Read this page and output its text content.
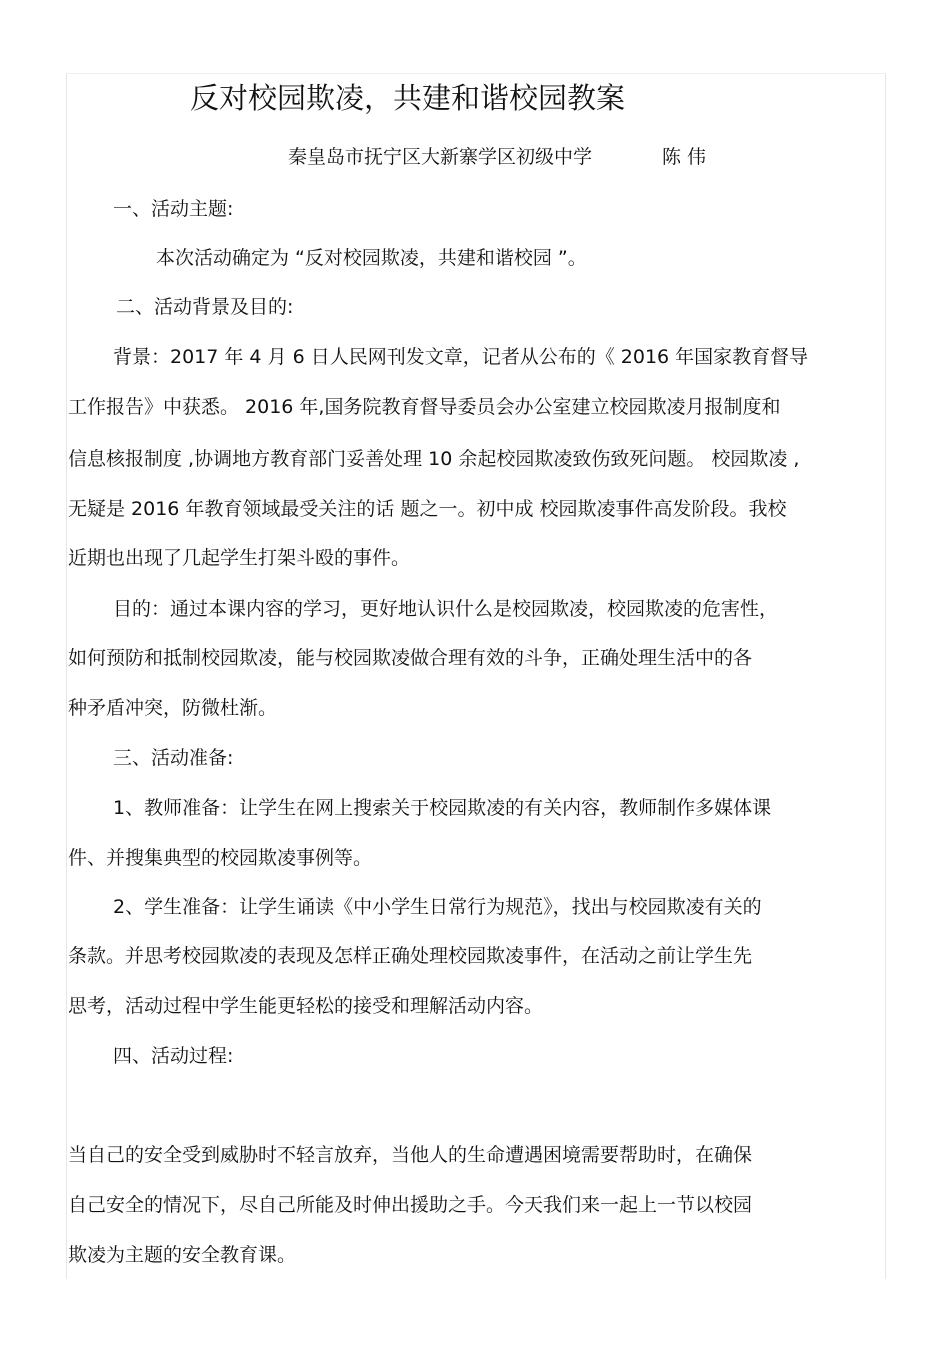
反对校园欺凌，共建和谐校园教案
秦皇岛市抚宁区大新寨学区初级中学	陈 伟
一、活动主题:
本次活动确定为 “反对校园欺凌，共建和谐校园 ”。
二、活动背景及目的:
背景：2017 年 4 月 6 日人民网刊发文章，记者从公布的《 2016 年国家教育督导
工作报告》中获悉。 2016 年,国务院教育督导委员会办公室建立校园欺凌月报制度和
信息核报制度 ,协调地方教育部门妥善处理 10 余起校园欺凌致伤致死问题。 校园欺凌 ,
无疑是 2016 年教育领域最受关注的话 题之一。初中成 校园欺凌事件高发阶段。我校
近期也出现了几起学生打架斗殴的事件。
目的：通过本课内容的学习，更好地认识什么是校园欺凌，校园欺凌的危害性，
如何预防和抵制校园欺凌，能与校园欺凌做合理有效的斗争，正确处理生活中的各
种矛盾冲突，防微杜渐。
三、活动准备:
1、教师准备：让学生在网上搜索关于校园欺凌的有关内容，教师制作多媒体课
件、并搜集典型的校园欺凌事例等。
2、学生准备：让学生诵读《中小学生日常行为规范》，找出与校园欺凌有关的
条款。并思考校园欺凌的表现及怎样正确处理校园欺凌事件，在活动之前让学生先
思考，活动过程中学生能更轻松的接受和理解活动内容。
四、活动过程:
当自己的安全受到威胁时不轻言放弃，当他人的生命遭遇困境需要帮助时，在确保
自己安全的情况下，尽自己所能及时伸出援助之手。今天我们来一起上一节以校园
欺凌为主题的安全教育课。
